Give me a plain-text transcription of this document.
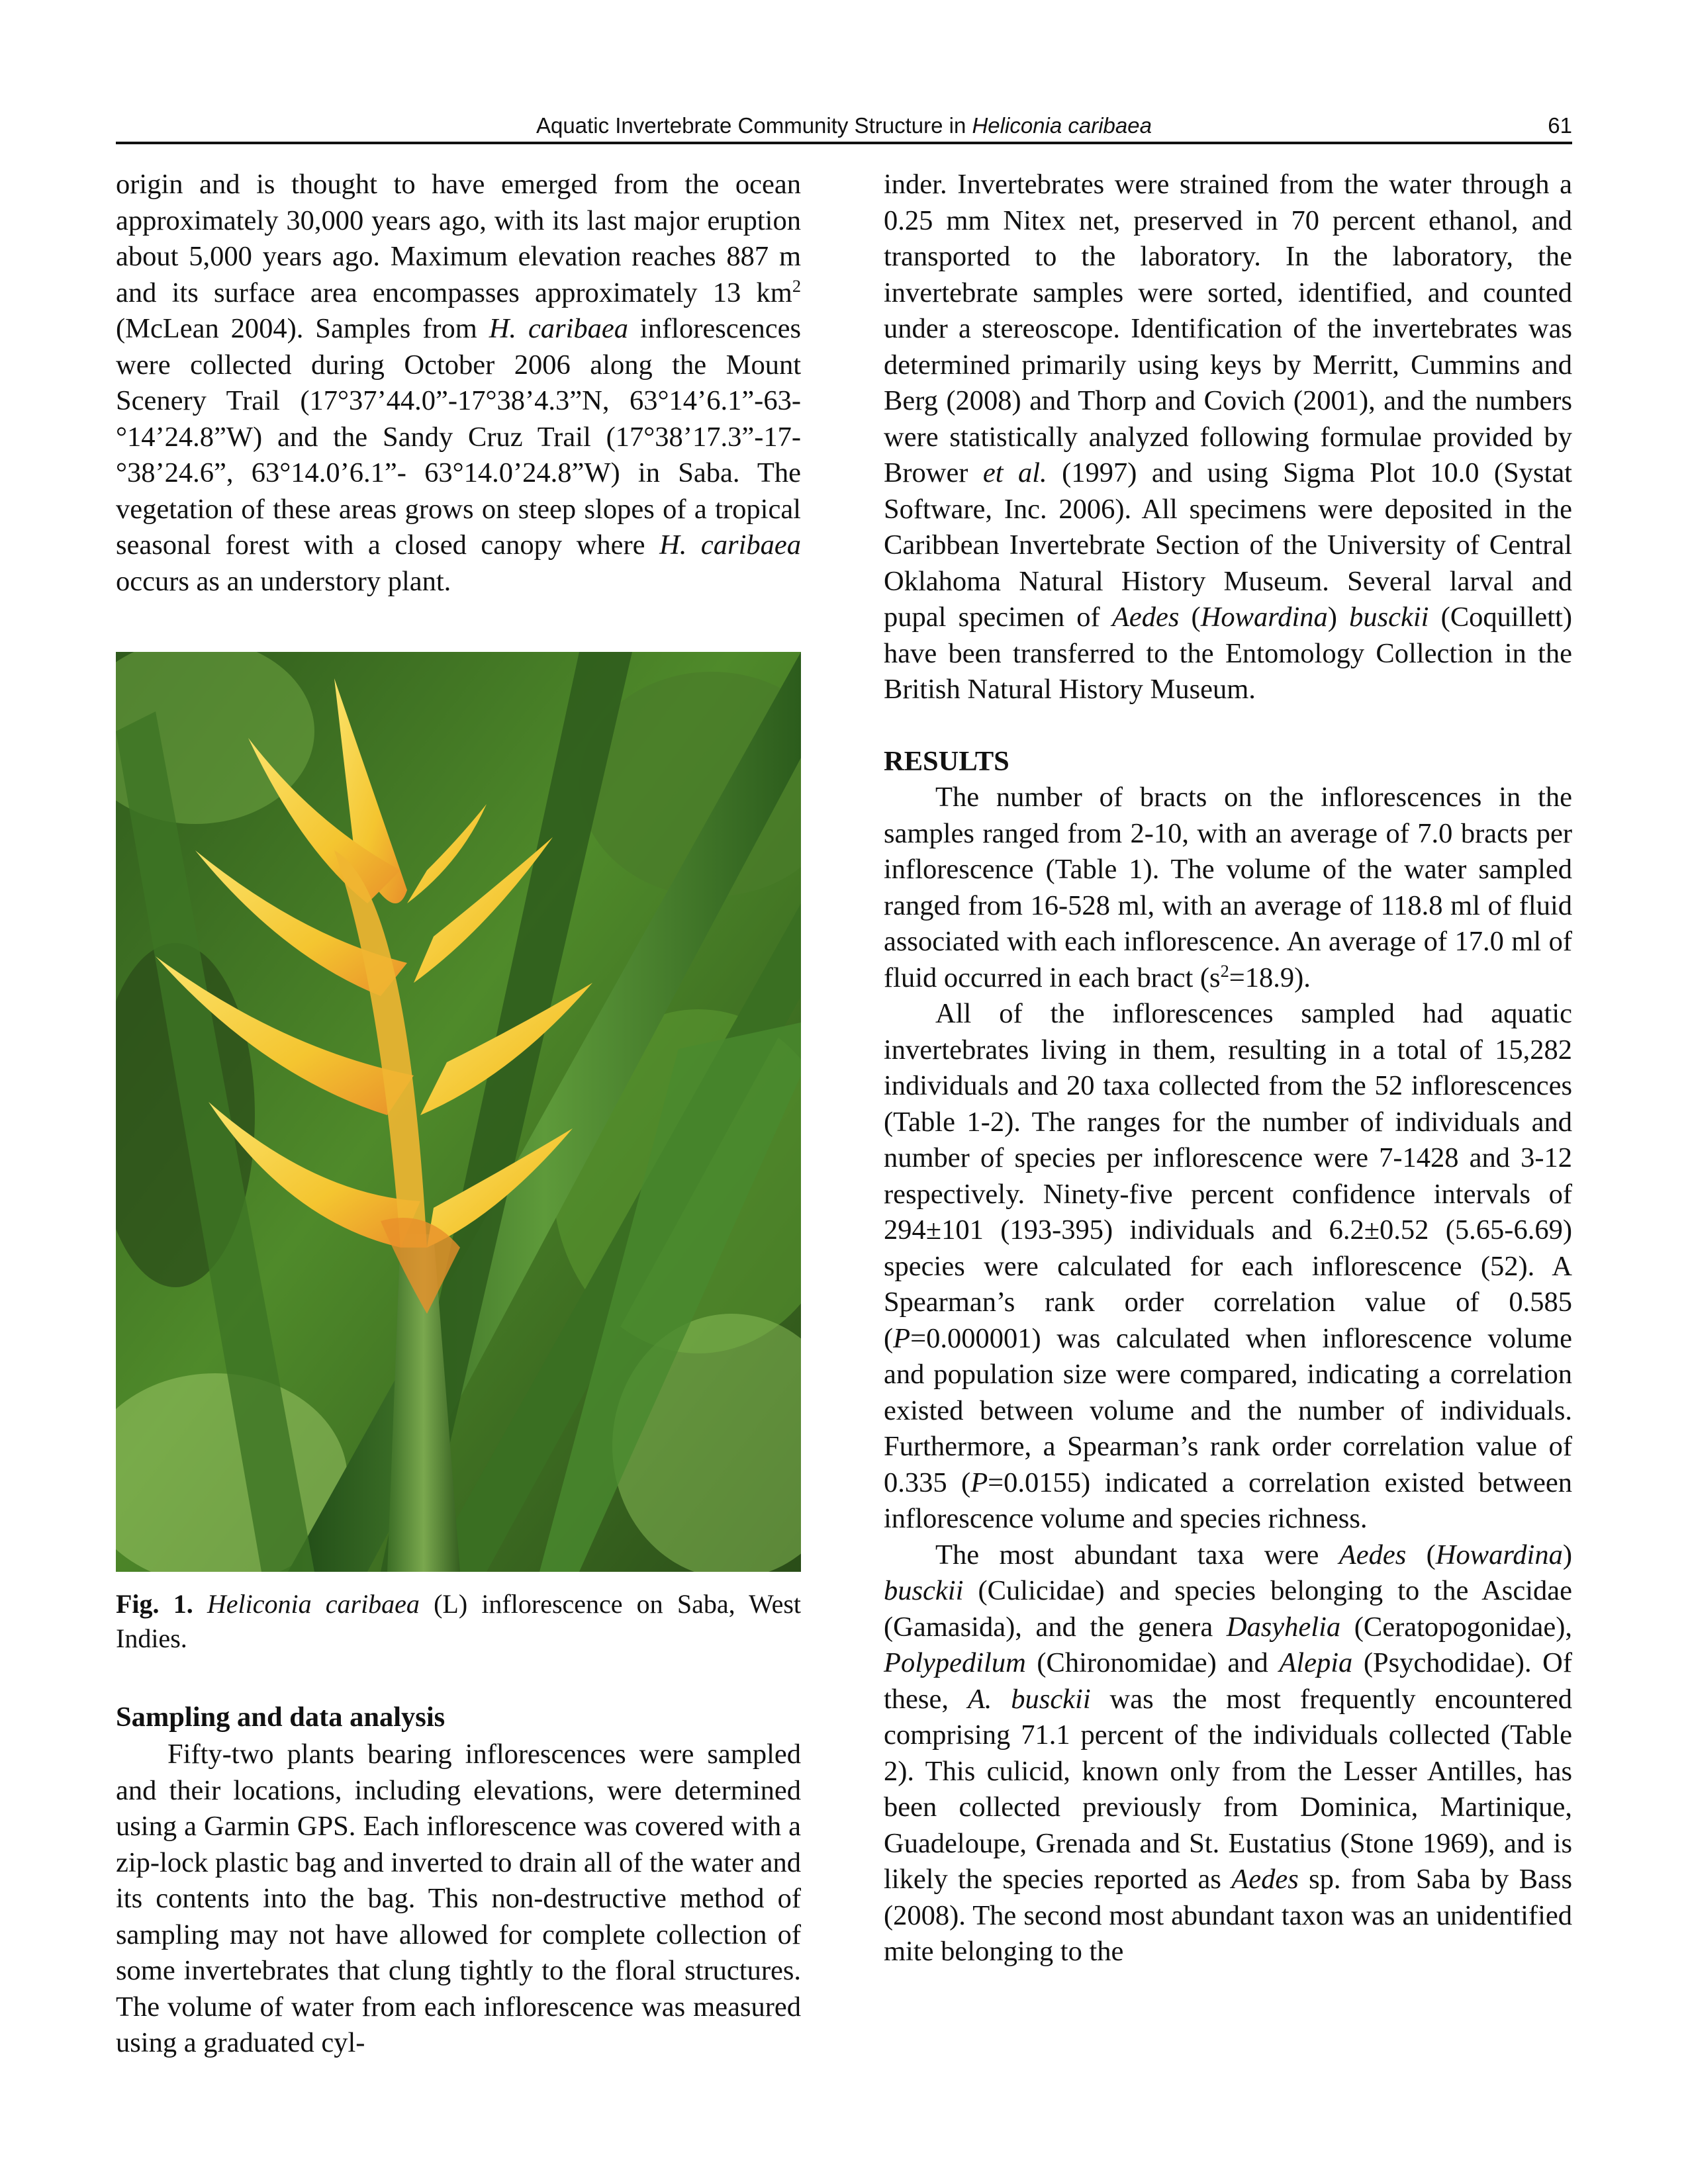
Aquatic Invertebrate Community Structure in Heliconia caribaea	61

origin and is thought to have emerged from the ocean approximately 30,000 years ago, with its last major eruption about 5,000 years ago. Maximum elevation reaches 887 m and its surface area encompasses approximately 13 $km^2$ (McLean 2004). Samples from H. caribaea inflorescences were collected during October 2006 along the Mount Scenery Trail (17°37’44.0”-17°38’4.3”N, 63°14’6.1”-63-°14’24.8”W) and the Sandy Cruz Trail (17°38’17.3”-17-°38’24.6”, 63°14.0’6.1”- 63°14.0’24.8”W) in Saba. The vegetation of these areas grows on steep slopes of a tropical seasonal forest with a closed canopy where H. caribaea occurs as an understory plant.

Fig. 1. Heliconia caribaea (L) inflorescence on Saba, West Indies.
Sampling and data analysis

Fifty-two plants bearing inflorescences were sampled and their locations, including elevations, were determined using a Garmin GPS. Each inflorescence was covered with a zip-lock plastic bag and inverted to drain all of the water and its contents into the bag. This non-destructive method of sampling may not have allowed for complete collection of some invertebrates that clung tightly to the floral structures. The volume of water from each inflorescence was measured using a graduated cyl-

inder. Invertebrates were strained from the water through a 0.25 mm Nitex net, preserved in 70 percent ethanol, and transported to the laboratory. In the laboratory, the invertebrate samples were sorted, identified, and counted under a stereoscope. Identification of the invertebrates was determined primarily using keys by Merritt, Cummins and Berg (2008) and Thorp and Covich (2001), and the numbers were statistically analyzed following formulae provided by Brower et al. (1997) and using Sigma Plot 10.0 (Systat Software, Inc. 2006). All specimens were deposited in the Caribbean Invertebrate Section of the University of Central Oklahoma Natural History Museum. Several larval and pupal specimen of Aedes (Howardina) busckii (Coquillett) have been transferred to the Entomology Collection in the British Natural History Museum.

RESULTS

The number of bracts on the inflorescences in the samples ranged from 2-10, with an average of 7.0 bracts per inflorescence (Table 1). The volume of the water sampled ranged from 16-528 ml, with an average of 118.8 ml of fluid associated with each inflorescence. An average of 17.0 ml of fluid occurred in each bract $(s^2=18.9)$.

All of the inflorescences sampled had aquatic invertebrates living in them, resulting in a total of 15,282 individuals and 20 taxa collected from the 52 inflorescences (Table 1-2). The ranges for the number of individuals and number of species per inflorescence were 7-1428 and 3-12 respectively. Ninety-five percent confidence intervals of 294±101 (193-395) individuals and 6.2±0.52 (5.65-6.69) species were calculated for each inflorescence (52). A Spearman’s rank order correlation value of 0.585 (P=0.000001) was calculated when inflorescence volume and population size were compared, indicating a correlation existed between volume and the number of individuals. Furthermore, a Spearman’s rank order correlation value of 0.335 (P=0.0155) indicated a correlation existed between inflorescence volume and species richness.

The most abundant taxa were Aedes (Howardina) busckii (Culicidae) and species belonging to the Ascidae (Gamasida), and the genera Dasyhelia (Ceratopogonidae), Polypedilum (Chironomidae) and Alepia (Psychodidae). Of these, A. busckii was the most frequently encountered comprising 71.1 percent of the individuals collected (Table 2). This culicid, known only from the Lesser Antilles, has been collected previously from Dominica, Martinique, Guadeloupe, Grenada and St. Eustatius (Stone 1969), and is likely the species reported as Aedes sp. from Saba by Bass (2008). The second most abundant taxon was an unidentified mite belonging to the
